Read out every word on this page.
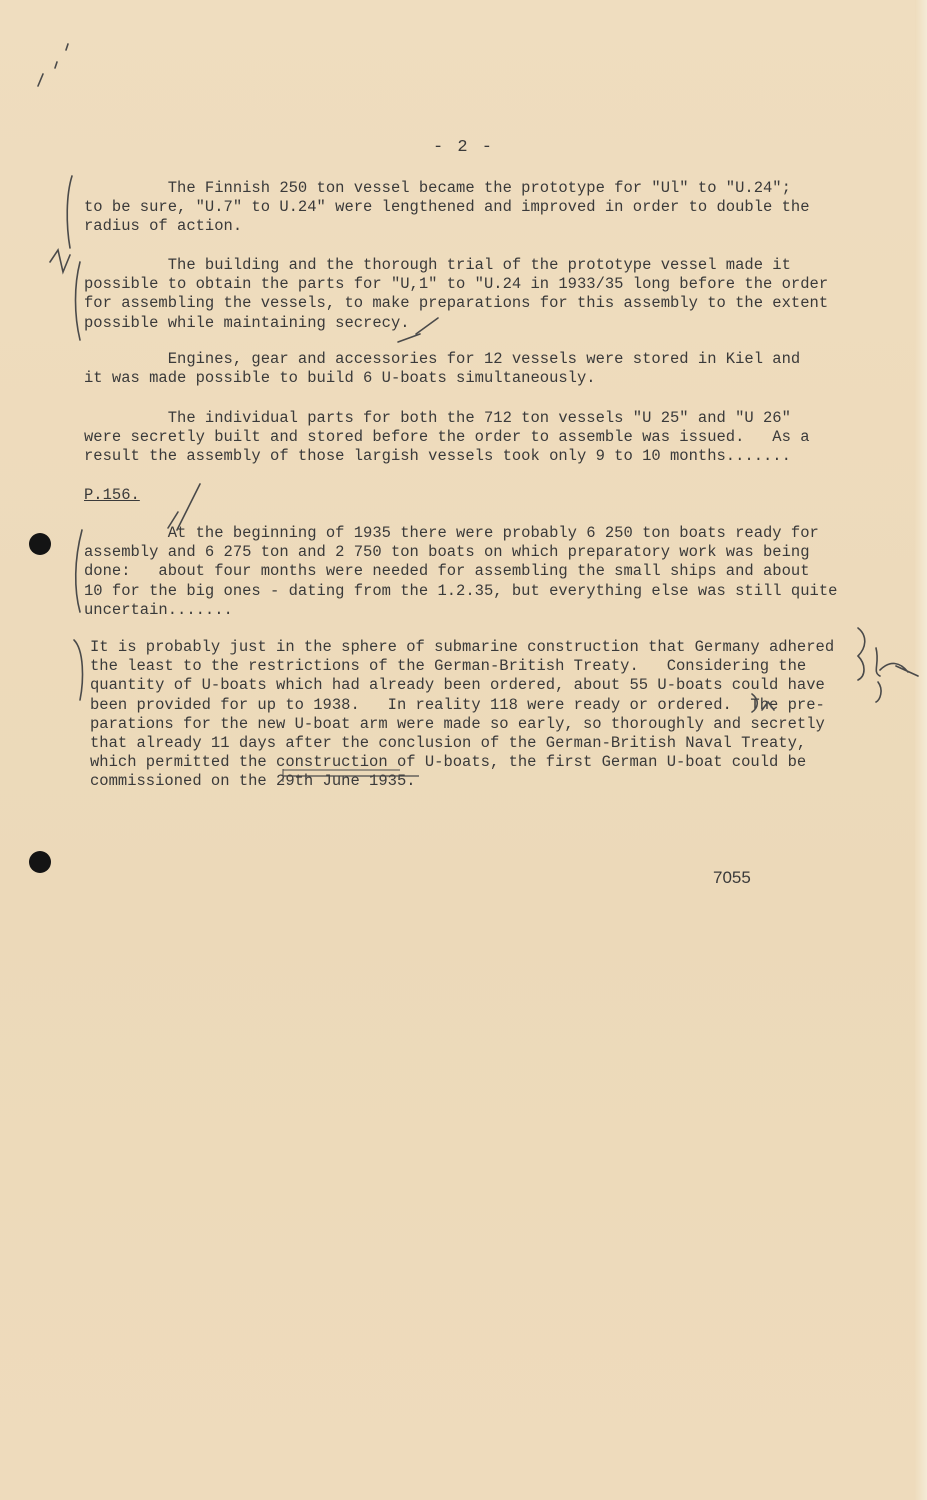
- 2 -
The Finnish 250 ton vessel became the prototype for "Ul" to "U.24";
to be sure, "U.7" to U.24" were lengthened and improved in order to double the
radius of action.
The building and the thorough trial of the prototype vessel made it
possible to obtain the parts for "U,1" to "U.24 in 1933/35 long before the order
for assembling the vessels, to make preparations for this assembly to the extent
possible while maintaining secrecy.
Engines, gear and accessories for 12 vessels were stored in Kiel and
it was made possible to build 6 U-boats simultaneously.
The individual parts for both the 712 ton vessels "U 25" and "U 26"
were secretly built and stored before the order to assemble was issued.   As a
result the assembly of those largish vessels took only 9 to 10 months.......
P.156.
At the beginning of 1935 there were probably 6 250 ton boats ready for
assembly and 6 275 ton and 2 750 ton boats on which preparatory work was being
done:   about four months were needed for assembling the small ships and about
10 for the big ones - dating from the 1.2.35, but everything else was still quite
uncertain.......
It is probably just in the sphere of submarine construction that Germany adhered
the least to the restrictions of the German-British Treaty.   Considering the
quantity of U-boats which had already been ordered, about 55 U-boats could have
been provided for up to 1938.   In reality 118 were ready or ordered.  The pre-
parations for the new U-boat arm were made so early, so thoroughly and secretly
that already 11 days after the conclusion of the German-British Naval Treaty,
which permitted the construction of U-boats, the first German U-boat could be
commissioned on the 29th June 1935.
7055
